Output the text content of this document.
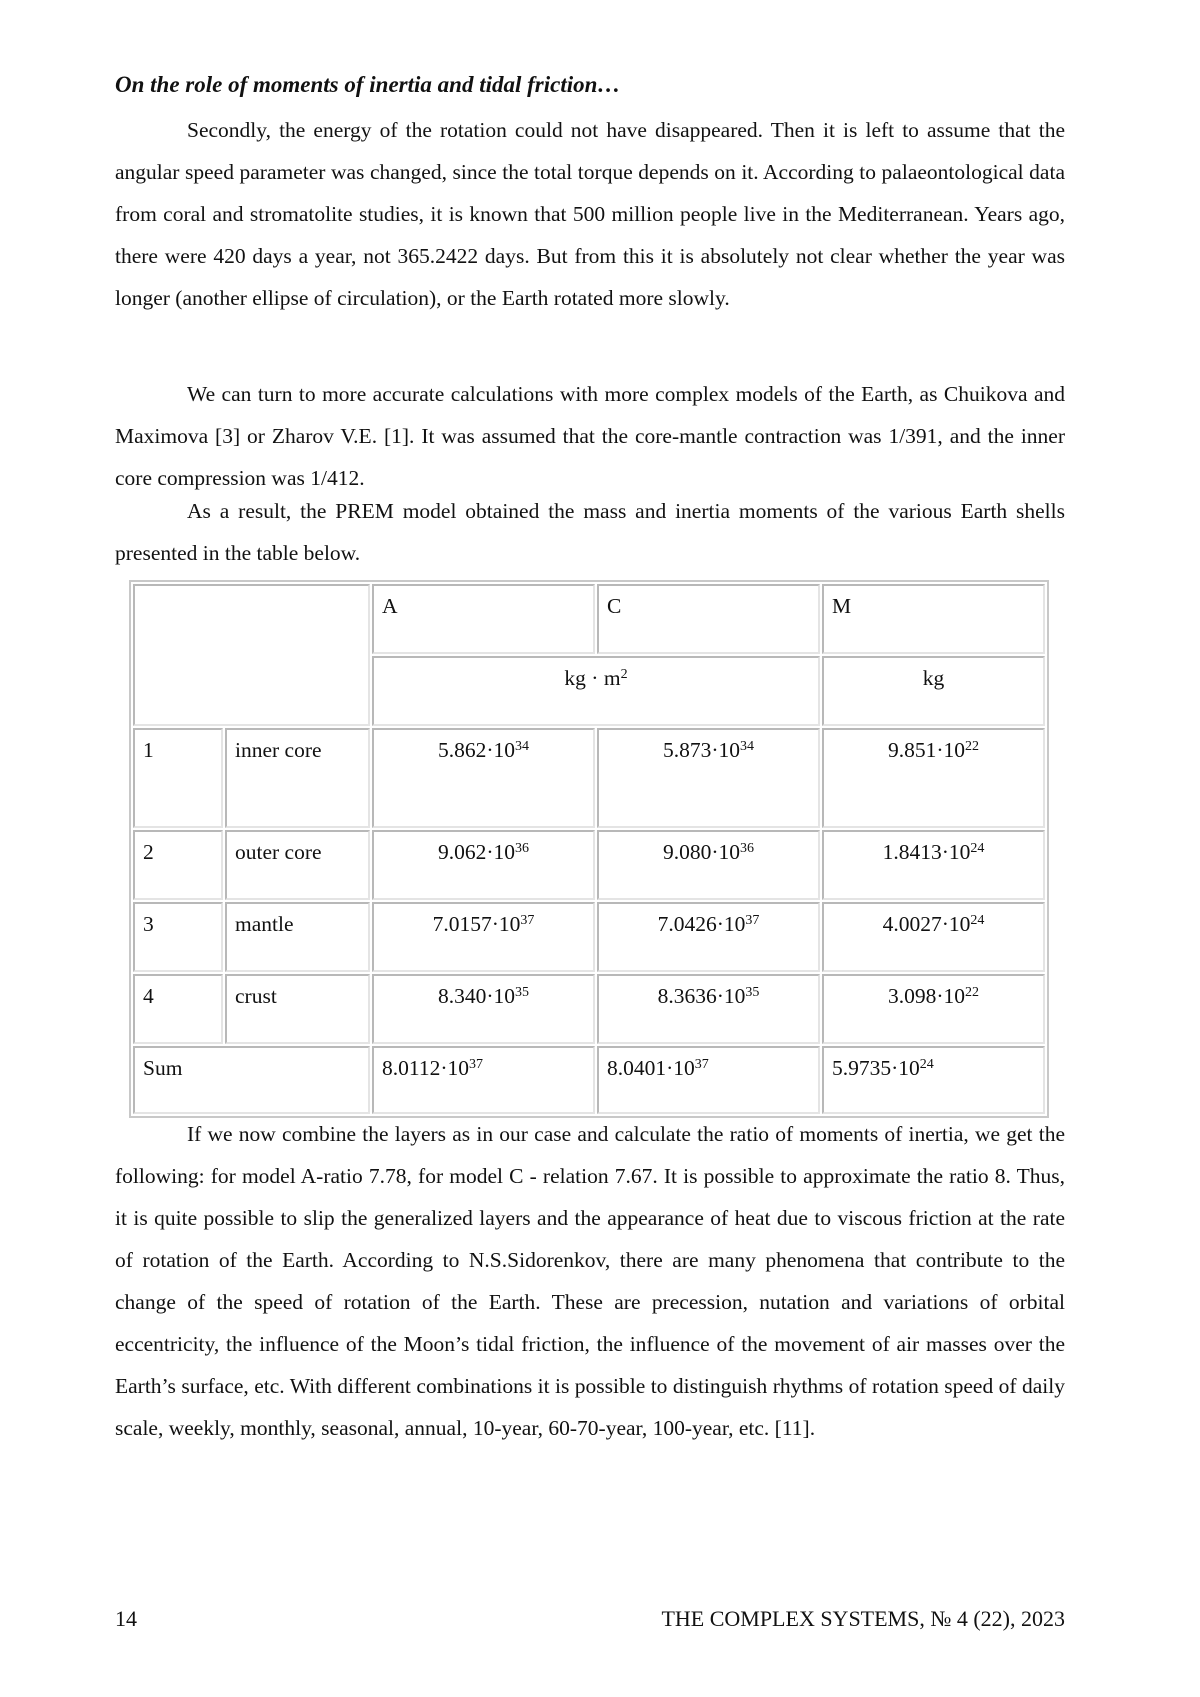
On the role of moments of inertia and tidal friction…

Secondly, the energy of the rotation could not have disappeared. Then it is left to assume that the angular speed parameter was changed, since the total torque depends on it. According to palaeontological data from coral and stromatolite studies, it is known that 500 million people live in the Mediterranean. Years ago, there were 420 days a year, not 365.2422 days. But from this it is absolutely not clear whether the year was longer (another ellipse of circulation), or the Earth rotated more slowly.

We can turn to more accurate calculations with more complex models of the Earth, as Chuikova and Maximova [3] or Zharov V.E. [1]. It was assumed that the core-mantle contraction was 1/391, and the inner core compression was 1/412.

As a result, the PREM model obtained the mass and inertia moments of the various Earth shells presented in the table below.

		A	C	M
		kg · $m^2$		kg
1	inner core	$5.862\cdot 10^{34}$	$5.873\cdot 10^{34}$	$9.851\cdot 10^{22}$
2	outer core	$9.062\cdot 10^{36}$	$9.080\cdot 10^{36}$	$1.8413\cdot 10^{24}$
3	mantle	$7.0157\cdot 10^{37}$	$7.0426\cdot 10^{37}$	$4.0027\cdot 10^{24}$
4	crust	$8.340\cdot 10^{35}$	$8.3636\cdot 10^{35}$	$3.098\cdot 10^{22}$
Sum		$8.0112\cdot 10^{37}$	$8.0401\cdot 10^{37}$	$5.9735\cdot 10^{24}$

If we now combine the layers as in our case and calculate the ratio of moments of inertia, we get the following: for model A-ratio 7.78, for model C - relation 7.67. It is possible to approximate the ratio 8. Thus, it is quite possible to slip the generalized layers and the appearance of heat due to viscous friction at the rate of rotation of the Earth. According to N.S.Sidorenkov, there are many phenomena that contribute to the change of the speed of rotation of the Earth. These are precession, nutation and variations of orbital eccentricity, the influence of the Moon’s tidal friction, the influence of the movement of air masses over the Earth’s surface, etc. With different combinations it is possible to distinguish rhythms of rotation speed of daily scale, weekly, monthly, seasonal, annual, 10-year, 60-70-year, 100-year, etc. [11].

14	THE COMPLEX SYSTEMS, № 4 (22), 2023
